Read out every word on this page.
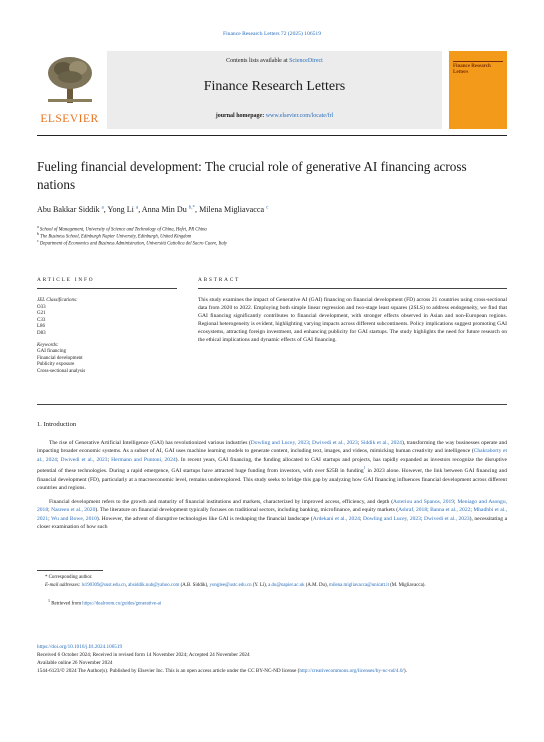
Finance Research Letters 72 (2025) 106519
ELSEVIER
Contents lists available at ScienceDirect
Finance Research Letters
journal homepage: www.elsevier.com/locate/frl
Finance Research Letters
Fueling financial development: The crucial role of generative AI financing across nations
Abu Bakkar Siddik $^a$, Yong Li $^a$, Anna Min Du $^{b,*}$, Milena Migliavacca $^c$
$^a$ School of Management, University of Science and Technology of China, Hefei, PR China
$^b$ The Business School, Edinburgh Napier University, Edinburgh, United Kingdom
$^c$ Department of Economics and Business Administration, Università Cattolica del Sacro Cuore, Italy
ARTICLE INFO	ABSTRACT
JEL Classifications:
O33
G21
C33
L86
D83
Keywords:
GAI financing
Financial development
Publicity exposure
Cross-sectional analysis
This study examines the impact of Generative AI (GAI) financing on financial development (FD) across 21 countries using cross-sectional data from 2020 to 2022. Employing both simple linear regression and two-stage least squares (2SLS) to address endogeneity, we find that GAI financing significantly contributes to financial development, with stronger effects observed in Asian and non-European regions. Regional heterogeneity is evident, highlighting varying impacts across different subcontinents. Policy implications suggest promoting GAI ecosystems, attracting foreign investment, and enhancing publicity for GAI startups. The study highlights the need for future research on the ethical implications and dynamic effects of GAI financing.
1. Introduction
The rise of Generative Artificial Intelligence (GAI) has revolutionized various industries (Dowling and Lucey, 2023; Dwivedi et al., 2023; Siddik et al., 2024), transforming the way businesses operate and impacting broader economic systems. As a subset of AI, GAI uses machine learning models to generate content, including text, images, and videos, mimicking human creativity and intelligence (Chakraborty et al., 2024; Dwivedi et al., 2023; Hermann and Puntoni, 2024). In recent years, GAI financing, the funding allocated to GAI startups and projects, has rapidly expanded as investors recognize the disruptive potential of these technologies. During a rapid emergence, GAI startups have attracted huge funding from investors, with over $25B in funding$^1$ in 2023 alone. However, the link between GAI financing and financial development (FD), particularly at a macroeconomic level, remains underexplored. This study seeks to bridge this gap by analyzing how GAI financing influences financial development across different countries and regions.
Financial development refers to the growth and maturity of financial institutions and markets, characterized by improved access, efficiency, and depth (Asteriou and Spanos, 2019; Meniago and Asongu, 2018; Nasreen et al., 2020). The literature on financial development typically focuses on traditional sectors, including banking, microfinance, and equity markets (Ashraf, 2018; Banna et al., 2022; Mhadhbi et al., 2021; Wu and Bowe, 2010). However, the advent of disruptive technologies like GAI is reshaping the financial landscape (Ardekani et al., 2024; Dowling and Lucey, 2023; Dwivedi et al., 2023), necessitating a closer examination of how such
* Corresponding author.
E-mail addresses: ls190309@sust.edu.cn, absiddik.nub@yahoo.com (A.B. Siddik), yonglee@ustc.edu.cn (Y. Li), a.du@napier.ac.uk (A.M. Du), milena.migliavacca@unicatt.it (M. Migliavacca).
$^1$ Retrieved from https://dealroom.co/guides/generative-ai
https://doi.org/10.1016/j.frl.2024.106519
Received 6 October 2024; Received in revised form 14 November 2024; Accepted 24 November 2024
Available online 26 November 2024
1544-6123/© 2024 The Author(s). Published by Elsevier Inc. This is an open access article under the CC BY-NC-ND license (http://creativecommons.org/licenses/by-nc-nd/4.0/).
